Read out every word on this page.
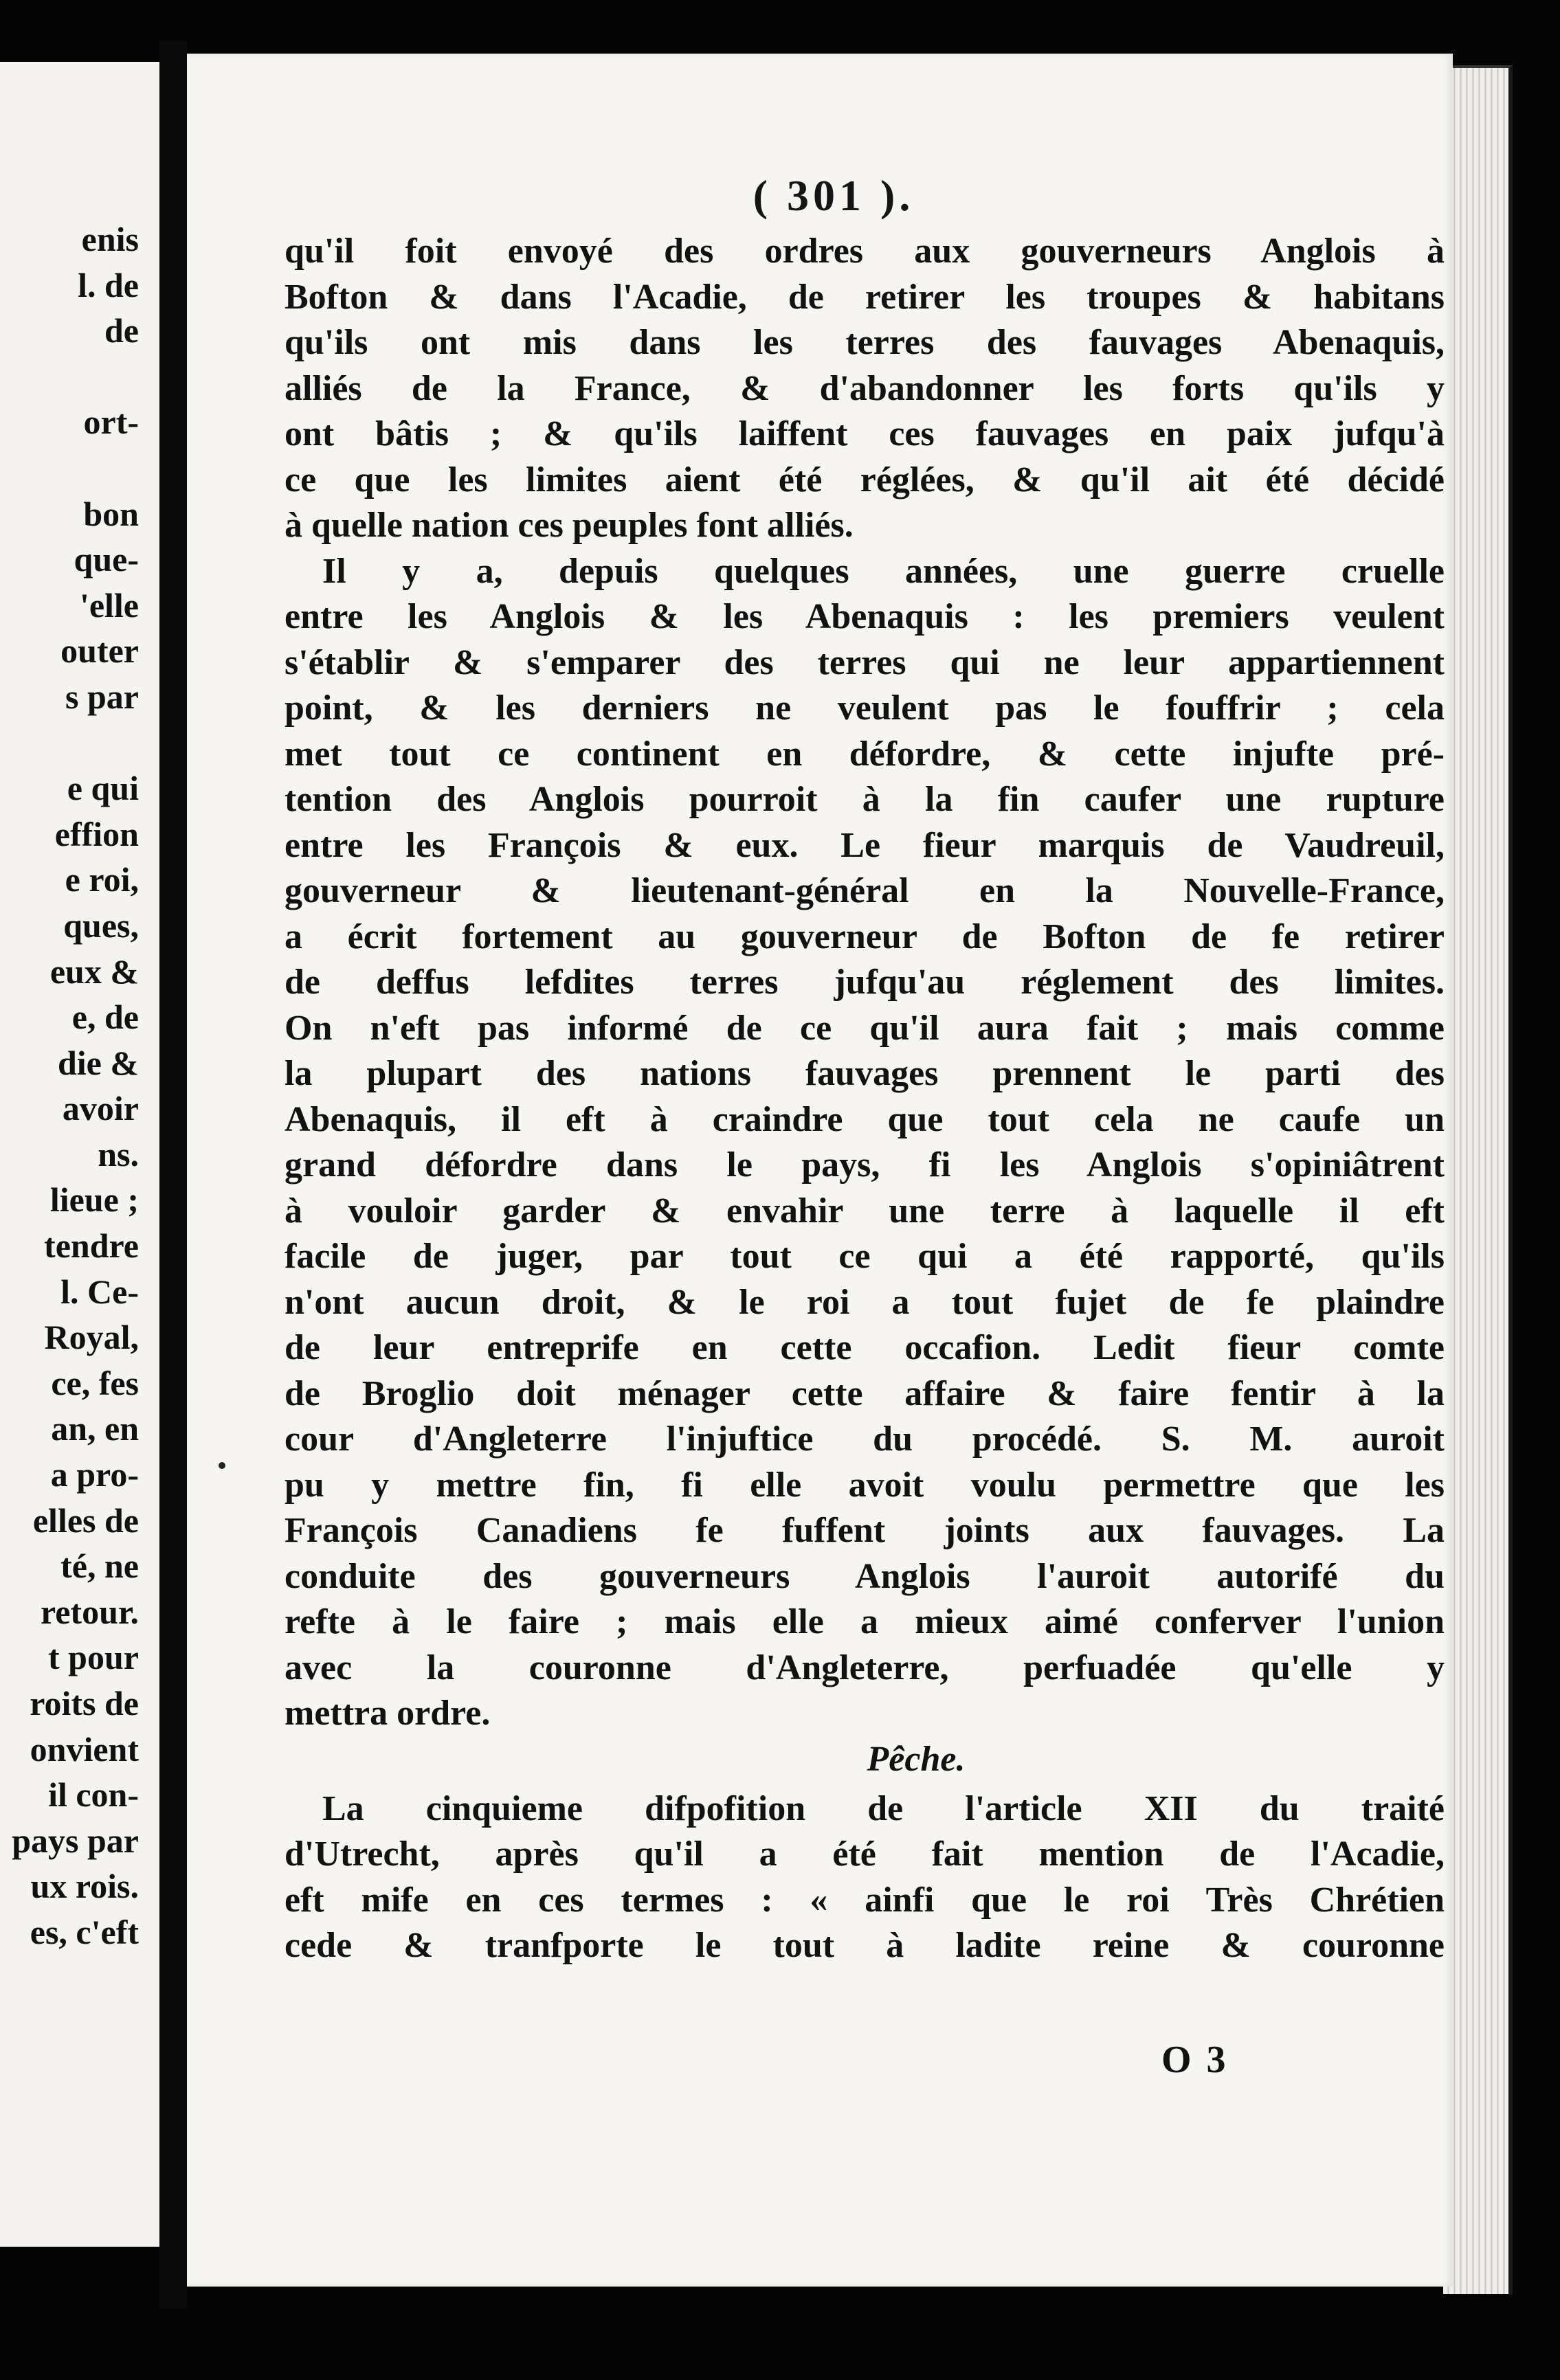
enis
l. de
de
ort-
bon
que-
'elle
outer
s par
e qui
effion
e roi,
ques,
eux &
e, de
die &
avoir
ns.
lieue ;
tendre
l. Ce-
Royal,
ce, fes
an, en
a pro-
elles de
té, ne
retour.
t pour
roits de
onvient
il con-
pays par
ux rois.
es, c'eft
( 301 ).
qu'il foit envoyé des ordres aux gouverneurs Anglois à
Bofton & dans l'Acadie, de retirer les troupes & habitans
qu'ils ont mis dans les terres des fauvages Abenaquis,
alliés de la France, & d'abandonner les forts qu'ils y
ont bâtis ; & qu'ils laiffent ces fauvages en paix jufqu'à
ce que les limites aient été réglées, & qu'il ait été décidé
à quelle nation ces peuples font alliés.
Il y a, depuis quelques années, une guerre cruelle
entre les Anglois & les Abenaquis : les premiers veulent
s'établir & s'emparer des terres qui ne leur appartiennent
point, & les derniers ne veulent pas le fouffrir ; cela
met tout ce continent en défordre, & cette injufte pré-
tention des Anglois pourroit à la fin caufer une rupture
entre les François & eux. Le fieur marquis de Vaudreuil,
gouverneur & lieutenant-général en la Nouvelle-France,
a écrit fortement au gouverneur de Bofton de fe retirer
de deffus lefdites terres jufqu'au réglement des limites.
On n'eft pas informé de ce qu'il aura fait ; mais comme
la plupart des nations fauvages prennent le parti des
Abenaquis, il eft à craindre que tout cela ne caufe un
grand défordre dans le pays, fi les Anglois s'opiniâtrent
à vouloir garder & envahir une terre à laquelle il eft
facile de juger, par tout ce qui a été rapporté, qu'ils
n'ont aucun droit, & le roi a tout fujet de fe plaindre
de leur entreprife en cette occafion. Ledit fieur comte
de Broglio doit ménager cette affaire & faire fentir à la
cour d'Angleterre l'injuftice du procédé. S. M. auroit
pu y mettre fin, fi elle avoit voulu permettre que les
François Canadiens fe fuffent joints aux fauvages. La
conduite des gouverneurs Anglois l'auroit autorifé du
refte à le faire ; mais elle a mieux aimé conferver l'union
avec la couronne d'Angleterre, perfuadée qu'elle y
mettra ordre.
Pêche.
La cinquieme difpofition de l'article XII du traité
d'Utrecht, après qu'il a été fait mention de l'Acadie,
eft mife en ces termes : « ainfi que le roi Très Chrétien
cede & tranfporte le tout à ladite reine & couronne
O 3
